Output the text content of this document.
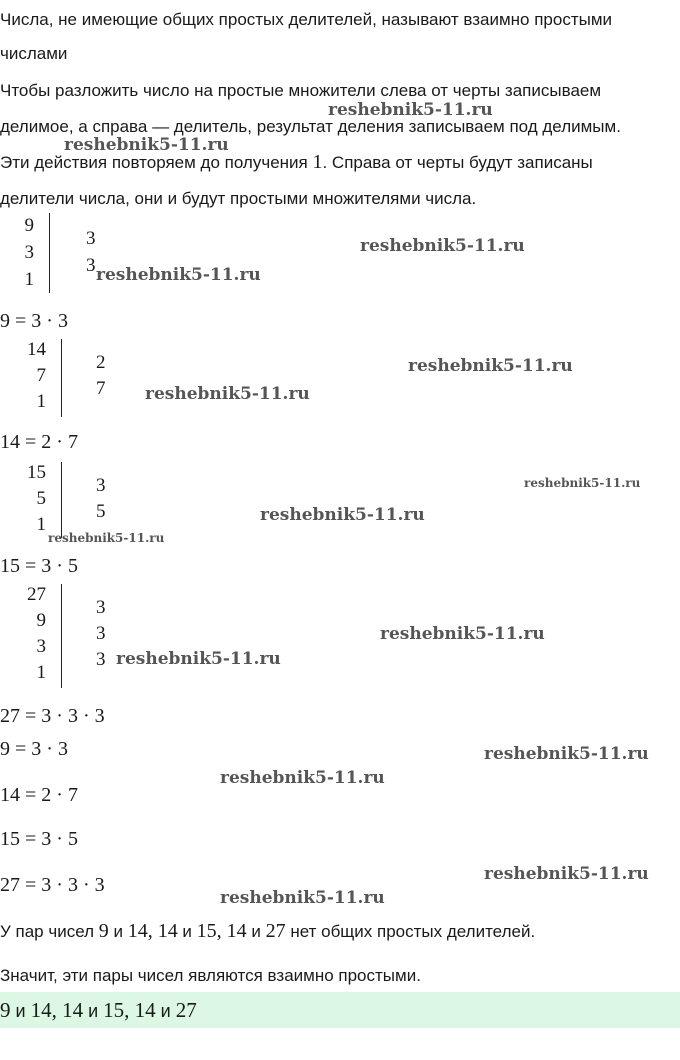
Числа, не имеющие общих простых делителей, называют взаимно простыми

числами

Чтобы разложить число на простые множители слева от черты записываем

делимое, а справа — делитель, результат деления записываем под делимым.

Эти действия повторяем до получения 1. Справа от черты будут записаны

делители числа, они и будут простыми множителями числа.

9
3
1
3
3
9 = 3 · 3
14
7
1
2
7
14 = 2 · 7
15
5
1
3
5
15 = 3 · 5
27
9
3
1
3
3
3
27 = 3 · 3 · 3
9 = 3 · 3
14 = 2 · 7
15 = 3 · 5
27 = 3 · 3 · 3

У пар чисел 9 и 14, 14 и 15, 14 и 27 нет общих простых делителей.

Значит, эти пары чисел являются взаимно простыми.

9 и 14, 14 и 15, 14 и 27
reshebnik5-11.ru
reshebnik5-11.ru
reshebnik5-11.ru
reshebnik5-11.ru
reshebnik5-11.ru
reshebnik5-11.ru
reshebnik5-11.ru
reshebnik5-11.ru
reshebnik5-11.ru
reshebnik5-11.ru
reshebnik5-11.ru
reshebnik5-11.ru
reshebnik5-11.ru
reshebnik5-11.ru
reshebnik5-11.ru
